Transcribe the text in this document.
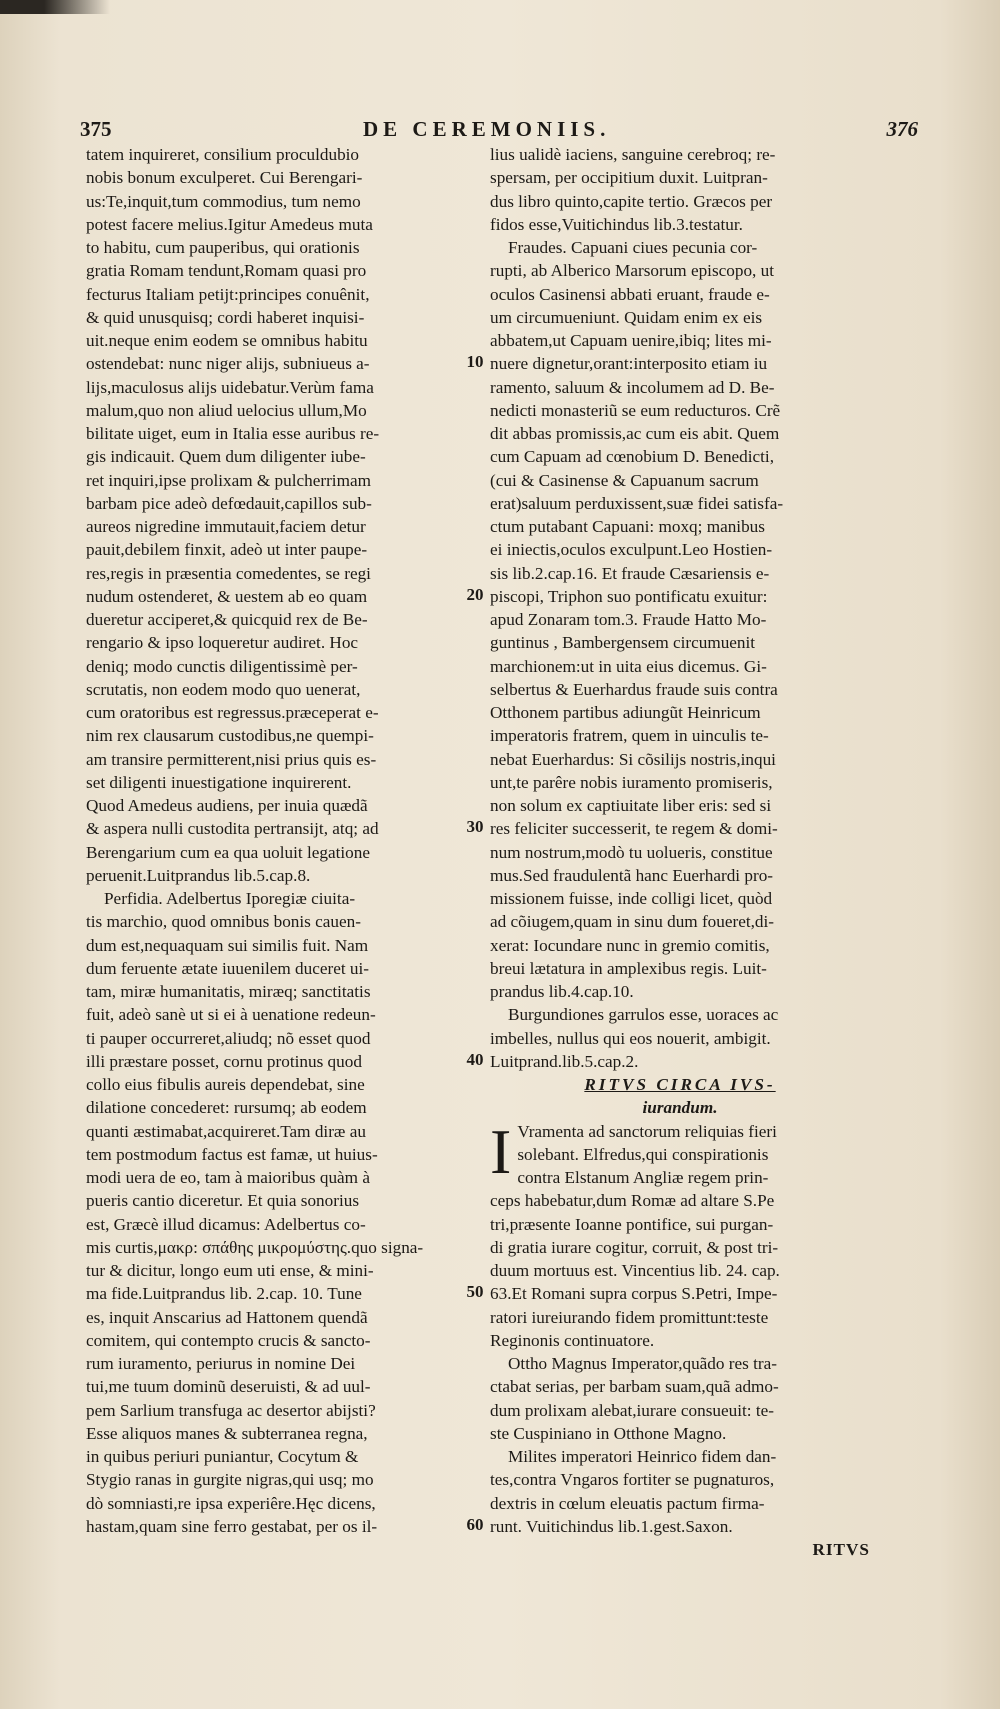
375	DE CEREMONIIS.	376
tatem inquireret, consilium proculdubio
nobis bonum exculperet. Cui Berengari-
us:Te,inquit,tum commodius, tum nemo
potest facere melius.Igitur Amedeus muta
to habitu, cum pauperibus, qui orationis
gratia Romam tendunt,Romam quasi pro
fecturus Italiam petijt:principes conuênit,
& quid unusquisq; cordi haberet inquisi-
uit.neque enim eodem se omnibus habitu
ostendebat: nunc niger alijs, subniueus a-
lijs,maculosus alijs uidebatur.Verùm fama
malum,quo non aliud uelocius ullum,Mo
bilitate uiget, eum in Italia esse auribus re-
gis indicauit. Quem dum diligenter iube-
ret inquiri,ipse prolixam & pulcherrimam
barbam pice adeò defœdauit,capillos sub-
aureos nigredine immutauit,faciem detur
pauit,debilem finxit, adeò ut inter paupe-
res,regis in præsentia comedentes, se regi
nudum ostenderet, & uestem ab eo quam
dueretur acciperet,& quicquid rex de Be-
rengario & ipso loqueretur audiret. Hoc
deniq; modo cunctis diligentissimè per-
scrutatis, non eodem modo quo uenerat,
cum oratoribus est regressus.præceperat e-
nim rex clausarum custodibus,ne quempi-
am transire permitterent,nisi prius quis es-
set diligenti inuestigatione inquirerent.
Quod Amedeus audiens, per inuia quædã
& aspera nulli custodita pertransijt, atq; ad
Berengarium cum ea qua uoluit legatione
peruenit.Luitprandus lib.5.cap.8.
Perfidia. Adelbertus Iporegiæ ciuita-
tis marchio, quod omnibus bonis cauen-
dum est,nequaquam sui similis fuit. Nam
dum feruente ætate iuuenilem duceret ui-
tam, miræ humanitatis, miræq; sanctitatis
fuit, adeò sanè ut si ei à uenatione redeun-
ti pauper occurreret,aliudq; nõ esset quod
illi præstare posset, cornu protinus quod
collo eius fibulis aureis dependebat, sine
dilatione concederet: rursumq; ab eodem
quanti æstimabat,acquireret.Tam diræ au
tem postmodum factus est famæ, ut huius-
modi uera de eo, tam à maioribus quàm à
pueris cantio diceretur. Et quia sonorius
est, Græcè illud dicamus: Adelbertus co-
mis curtis,μακρ: σπάθης μικρομύστης.quo signa-
tur & dicitur, longo eum uti ense, & mini-
ma fide.Luitprandus lib. 2.cap. 10. Tune
es, inquit Anscarius ad Hattonem quendã
comitem, qui contempto crucis & sancto-
rum iuramento, periurus in nomine Dei
tui,me tuum dominũ deseruisti, & ad uul-
pem Sarlium transfuga ac desertor abijsti?
Esse aliquos manes & subterranea regna,
in quibus periuri puniantur, Cocytum &
Stygio ranas in gurgite nigras,qui usq; mo
dò somniasti,re ipsa experiêre.Hęc dicens,
hastam,quam sine ferro gestabat, per os il-
lius ualidè iaciens, sanguine cerebroq; re-
spersam, per occipitium duxit. Luitpran-
dus libro quinto,capite tertio. Græcos per
fidos esse,Vuitichindus lib.3.testatur.
Fraudes. Capuani ciues pecunia cor-
rupti, ab Alberico Marsorum episcopo, ut
oculos Casinensi abbati eruant, fraude e-
um circumueniunt. Quidam enim ex eis
abbatem,ut Capuam uenire,ibiq; lites mi-
nuere dignetur,orant:interposito etiam iu
ramento, saluum & incolumem ad D. Be-
nedicti monasteriũ se eum reducturos. Crẽ
dit abbas promissis,ac cum eis abit. Quem
cum Capuam ad cœnobium D. Benedicti,
(cui & Casinense & Capuanum sacrum
erat)saluum perduxissent,suæ fidei satisfa-
ctum putabant Capuani: moxq; manibus
ei iniectis,oculos exculpunt.Leo Hostien-
sis lib.2.cap.16. Et fraude Cæsariensis e-
piscopi, Triphon suo pontificatu exuitur:
apud Zonaram tom.3. Fraude Hatto Mo-
guntinus , Bambergensem circumuenit
marchionem:ut in uita eius dicemus. Gi-
selbertus & Euerhardus fraude suis contra
Otthonem partibus adiungũt Heinricum
imperatoris fratrem, quem in uinculis te-
nebat Euerhardus: Si cõsilijs nostris,inqui
unt,te parêre nobis iuramento promiseris,
non solum ex captiuitate liber eris: sed si
res feliciter successerit, te regem & domi-
num nostrum,modò tu uolueris, constitue
mus.Sed fraudulentã hanc Euerhardi pro-
missionem fuisse, inde colligi licet, quòd
ad cõiugem,quam in sinu dum foueret,di-
xerat: Iocundare nunc in gremio comitis,
breui lætatura in amplexibus regis. Luit-
prandus lib.4.cap.10.
Burgundiones garrulos esse, uoraces ac
imbelles, nullus qui eos nouerit, ambigit.
Luitprand.lib.5.cap.2.
RITVS CIRCA IVS-
iurandum.
I Vramenta ad sanctorum reliquias fieri
solebant. Elfredus,qui conspirationis
contra Elstanum Angliæ regem prin-
ceps habebatur,dum Romæ ad altare S.Pe
tri,præsente Ioanne pontifice, sui purgan-
di gratia iurare cogitur, corruit, & post tri-
duum mortuus est. Vincentius lib. 24. cap.
63.Et Romani supra corpus S.Petri, Impe-
ratori iureiurando fidem promittunt:teste
Reginonis continuatore.
Ottho Magnus Imperator,quãdo res tra-
ctabat serias, per barbam suam,quã admo-
dum prolixam alebat,iurare consueuit: te-
ste Cuspiniano in Otthone Magno.
Milites imperatori Heinrico fidem dan-
tes,contra Vngaros fortiter se pugnaturos,
dextris in cœlum eleuatis pactum firma-
runt. Vuitichindus lib.1.gest.Saxon.
RITVS
10
20
30
40
50
60
